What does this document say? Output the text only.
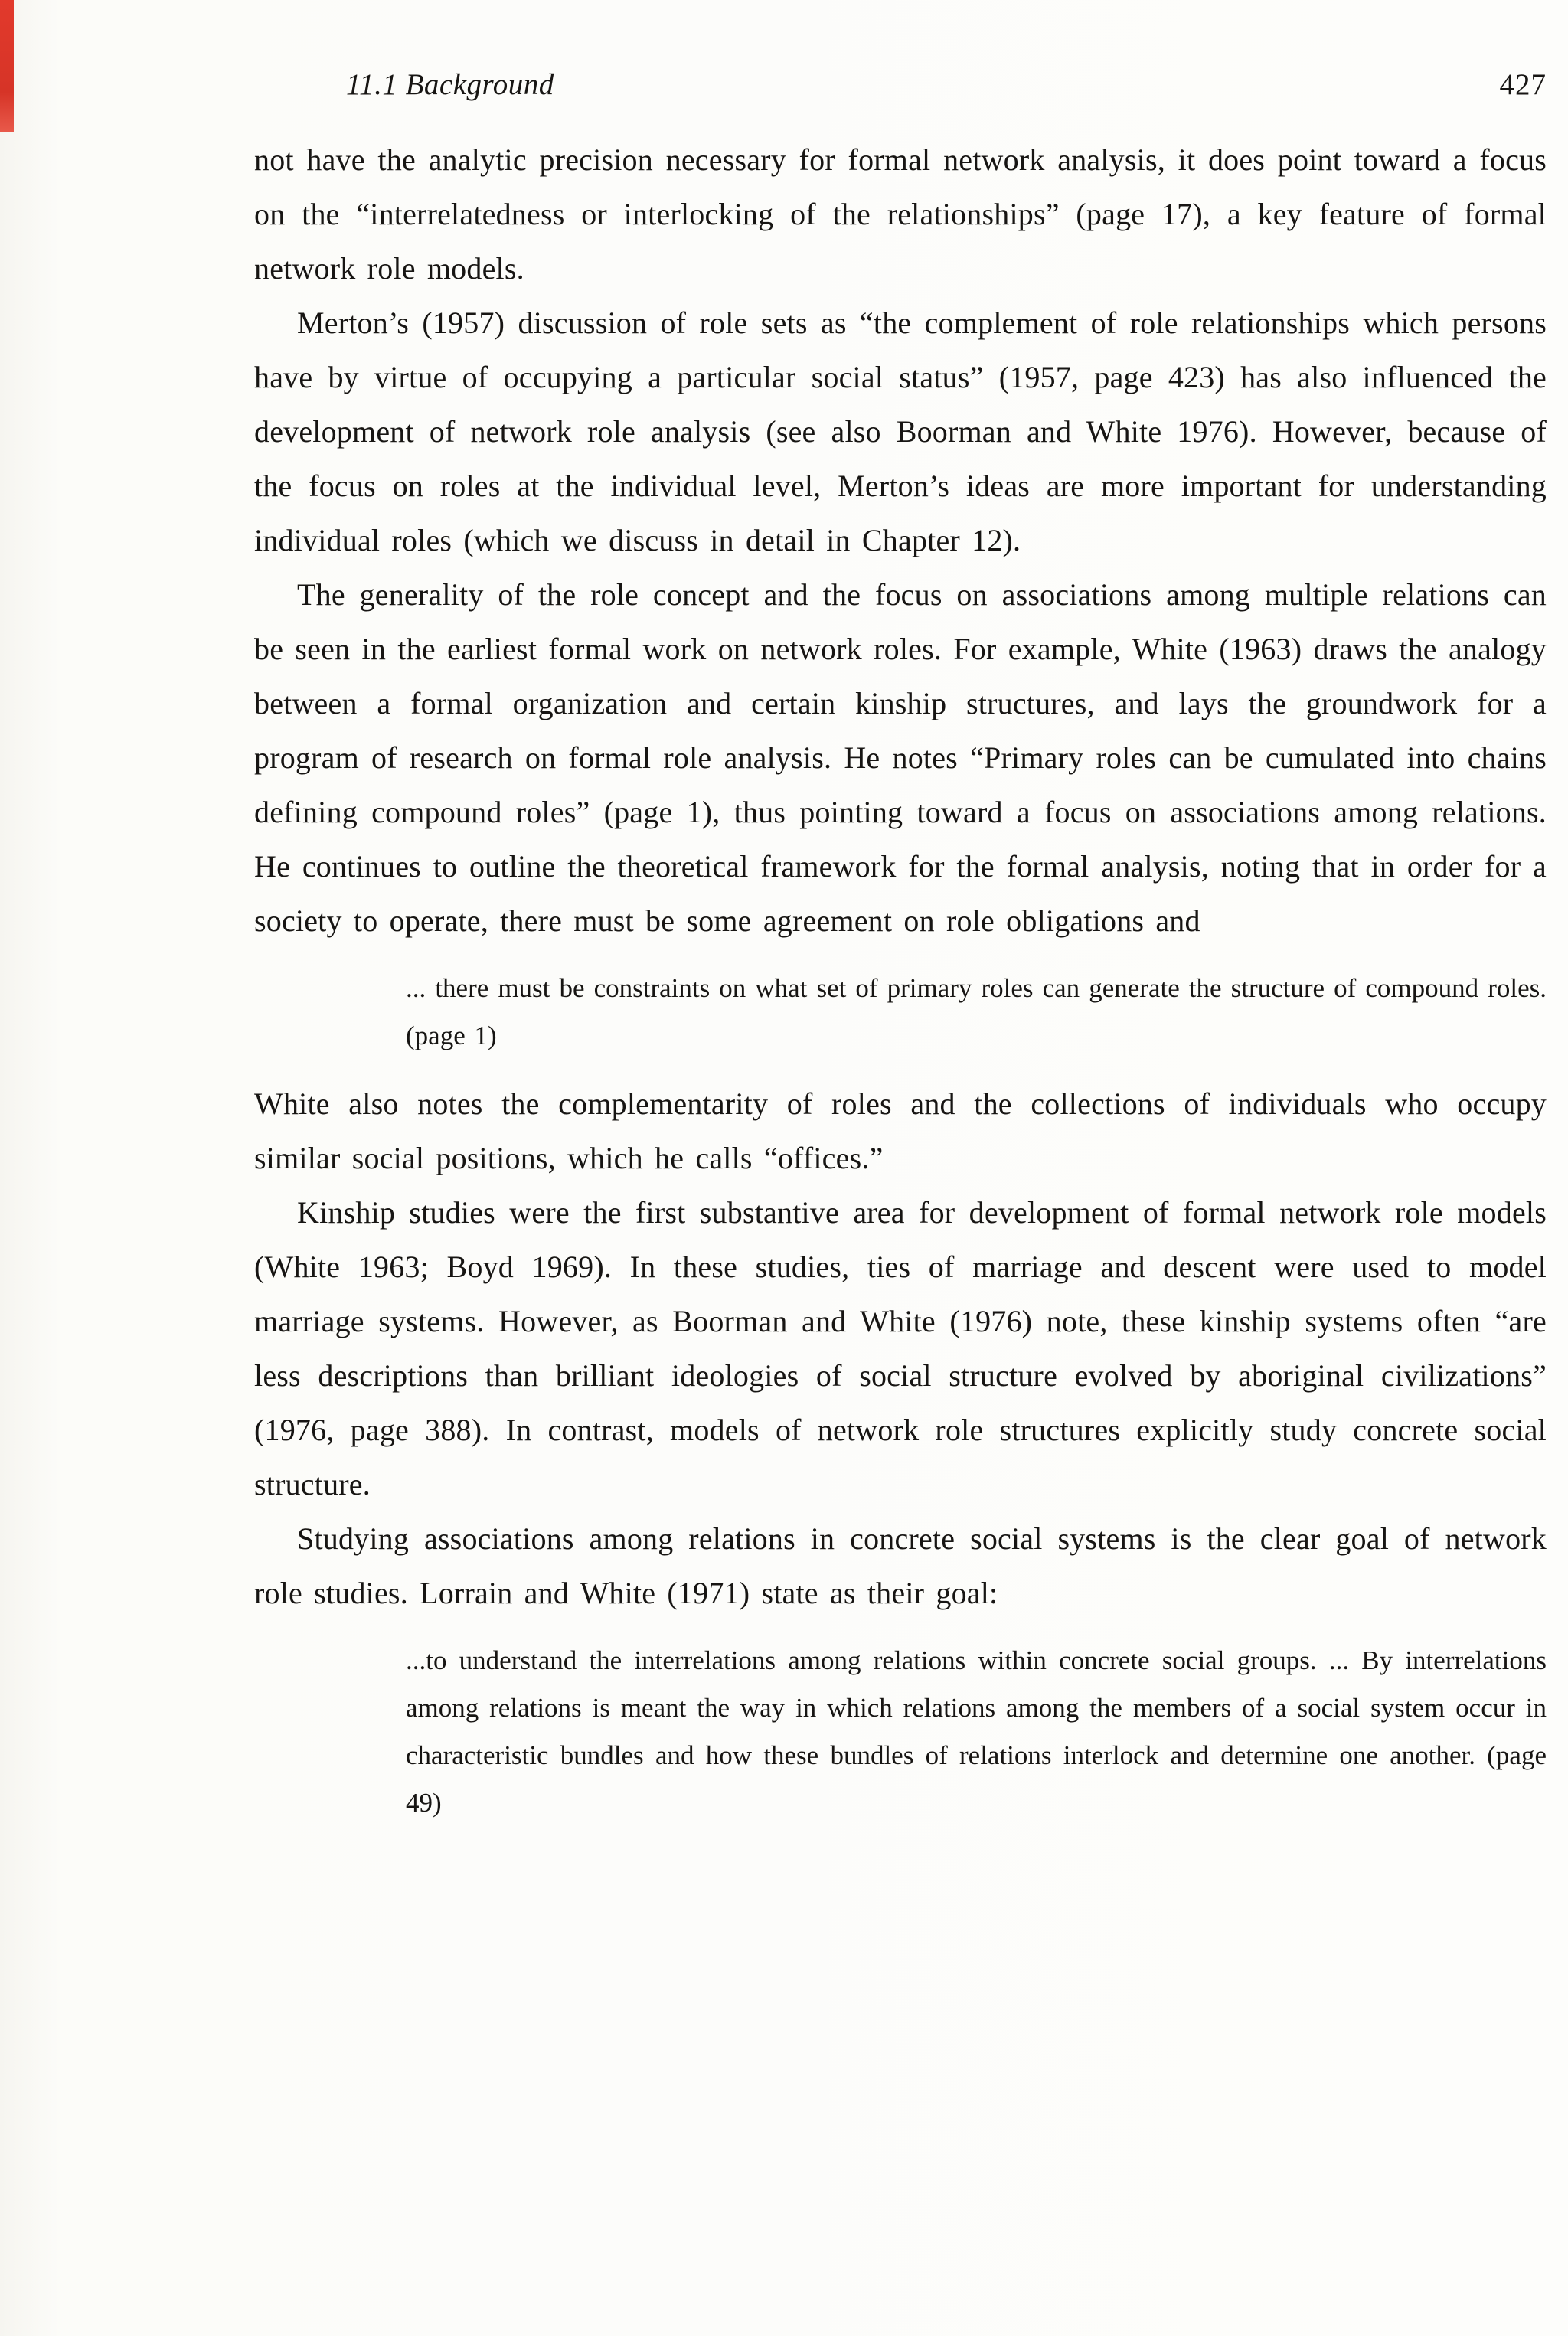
11.1 Background	427

not have the analytic precision necessary for formal network analysis, it does point toward a focus on the “interrelatedness or interlocking of the relationships” (page 17), a key feature of formal network role models.

Merton’s (1957) discussion of role sets as “the complement of role relationships which persons have by virtue of occupying a particular social status” (1957, page 423) has also influenced the development of network role analysis (see also Boorman and White 1976). However, because of the focus on roles at the individual level, Merton’s ideas are more important for understanding individual roles (which we discuss in detail in Chapter 12).

The generality of the role concept and the focus on associations among multiple relations can be seen in the earliest formal work on network roles. For example, White (1963) draws the analogy between a formal organization and certain kinship structures, and lays the groundwork for a program of research on formal role analysis. He notes “Primary roles can be cumulated into chains defining compound roles” (page 1), thus pointing toward a focus on associations among relations. He continues to outline the theoretical framework for the formal analysis, noting that in order for a society to operate, there must be some agreement on role obligations and

... there must be constraints on what set of primary roles can generate the structure of compound roles. (page 1)

White also notes the complementarity of roles and the collections of individuals who occupy similar social positions, which he calls “offices.”

Kinship studies were the first substantive area for development of formal network role models (White 1963; Boyd 1969). In these studies, ties of marriage and descent were used to model marriage systems. However, as Boorman and White (1976) note, these kinship systems often “are less descriptions than brilliant ideologies of social structure evolved by aboriginal civilizations” (1976, page 388). In contrast, models of network role structures explicitly study concrete social structure.

Studying associations among relations in concrete social systems is the clear goal of network role studies. Lorrain and White (1971) state as their goal:

...to understand the interrelations among relations within concrete social groups. ... By interrelations among relations is meant the way in which relations among the members of a social system occur in characteristic bundles and how these bundles of relations interlock and determine one another. (page 49)
